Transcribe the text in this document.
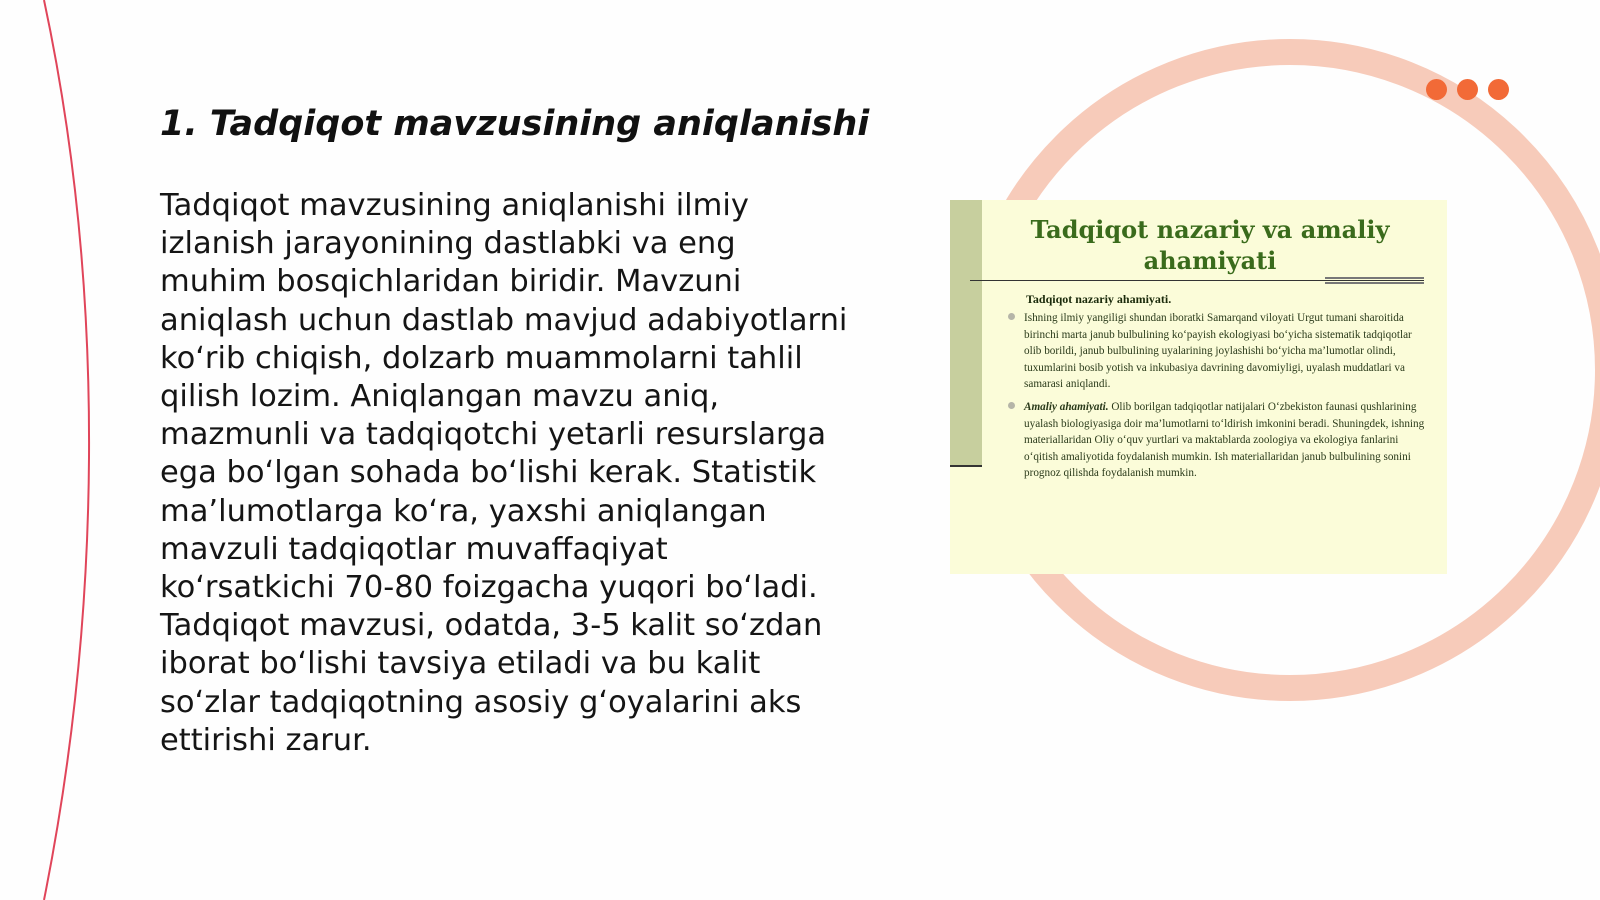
1. Tadqiqot mavzusining aniqlanishi

Tadqiqot mavzusining aniqlanishi ilmiy izlanish jarayonining dastlabki va eng muhim bosqichlaridan biridir. Mavzuni aniqlash uchun dastlab mavjud adabiyotlarni ko‘rib chiqish, dolzarb muammolarni tahlil qilish lozim. Aniqlangan mavzu aniq, mazmunli va tadqiqotchi yetarli resurslarga ega bo‘lgan sohada bo‘lishi kerak. Statistik ma’lumotlarga ko‘ra, yaxshi aniqlangan mavzuli tadqiqotlar muvaffaqiyat ko‘rsatkichi 70-80 foizgacha yuqori bo‘ladi. Tadqiqot mavzusi, odatda, 3-5 kalit so‘zdan iborat bo‘lishi tavsiya etiladi va bu kalit so‘zlar tadqiqotning asosiy g‘oyalarini aks ettirishi zarur.

Tadqiqot nazariy va amaliy ahamiyati
Tadqiqot nazariy ahamiyati.
Ishning ilmiy yangiligi shundan iboratki Samarqand viloyati Urgut tumani sharoitida birinchi marta janub bulbulining ko‘payish ekologiyasi bo‘yicha sistematik tadqiqotlar olib borildi, janub bulbulining uyalarining joylashishi bo‘yicha ma’lumotlar olindi, tuxumlarini bosib yotish va inkubasiya davrining davomiyligi, uyalash muddatlari va samarasi aniqlandi.
Amaliy ahamiyati. Olib borilgan tadqiqotlar natijalari O‘zbekiston faunasi qushlarining uyalash biologiyasiga doir ma’lumotlarni to‘ldirish imkonini beradi. Shuningdek, ishning materiallaridan Oliy o‘quv yurtlari va maktablarda zoologiya va ekologiya fanlarini o‘qitish amaliyotida foydalanish mumkin. Ish materiallaridan janub bulbulining sonini prognoz qilishda foydalanish mumkin.
